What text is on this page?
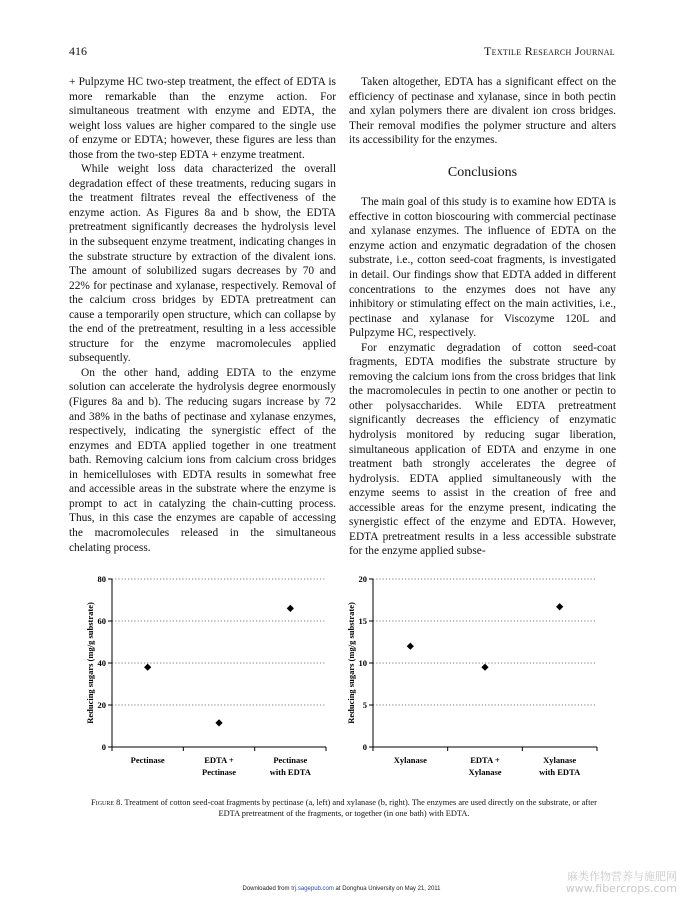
416	Textile Research Journal

+ Pulpzyme HC two-step treatment, the effect of EDTA is more remarkable than the enzyme action. For simultaneous treatment with enzyme and EDTA, the weight loss values are higher compared to the single use of enzyme or EDTA; however, these figures are less than those from the two-step EDTA + enzyme treatment.

While weight loss data characterized the overall degradation effect of these treatments, reducing sugars in the treatment filtrates reveal the effectiveness of the enzyme action. As Figures 8a and b show, the EDTA pretreatment significantly decreases the hydrolysis level in the subsequent enzyme treatment, indicating changes in the substrate structure by extraction of the divalent ions. The amount of solubilized sugars decreases by 70 and 22% for pectinase and xylanase, respectively. Removal of the calcium cross bridges by EDTA pretreatment can cause a temporarily open structure, which can collapse by the end of the pretreatment, resulting in a less accessible structure for the enzyme macromolecules applied subsequently.

On the other hand, adding EDTA to the enzyme solution can accelerate the hydrolysis degree enormously (Figures 8a and b). The reducing sugars increase by 72 and 38% in the baths of pectinase and xylanase enzymes, respectively, indicating the synergistic effect of the enzymes and EDTA applied together in one treatment bath. Removing calcium ions from calcium cross bridges in hemicelluloses with EDTA results in somewhat free and accessible areas in the substrate where the enzyme is prompt to act in catalyzing the chain-cutting process. Thus, in this case the enzymes are capable of accessing the macromolecules released in the simultaneous chelating process.

Taken altogether, EDTA has a significant effect on the efficiency of pectinase and xylanase, since in both pectin and xylan polymers there are divalent ion cross bridges. Their removal modifies the polymer structure and alters its accessibility for the enzymes.

Conclusions

The main goal of this study is to examine how EDTA is effective in cotton bioscouring with commercial pectinase and xylanase enzymes. The influence of EDTA on the enzyme action and enzymatic degradation of the chosen substrate, i.e., cotton seed-coat fragments, is investigated in detail. Our findings show that EDTA added in different concentrations to the enzymes does not have any inhibitory or stimulating effect on the main activities, i.e., pectinase and xylanase for Viscozyme 120L and Pulpzyme HC, respectively.

For enzymatic degradation of cotton seed-coat fragments, EDTA modifies the substrate structure by removing the calcium ions from the cross bridges that link the macromolecules in pectin to one another or pectin to other polysaccharides. While EDTA pretreatment significantly decreases the efficiency of enzymatic hydrolysis monitored by reducing sugar liberation, simultaneous application of EDTA and enzyme in one treatment bath strongly accelerates the degree of hydrolysis. EDTA applied simultaneously with the enzyme seems to assist in the creation of free and accessible areas for the enzyme present, indicating the synergistic effect of the enzyme and EDTA. However, EDTA pretreatment results in a less accessible substrate for the enzyme applied subse-

0
20
40
60
80
Reducing sugars (mg/g substrate)
Pectinase	EDTA +
Pectinase
Pectinase
with EDTA
0
5
10
15
20
Reducing sugars (mg/g substrate)
Xylanase	EDTA +
Xylanase
Xylanase
with EDTA
Figure 8. Treatment of cotton seed-coat fragments by pectinase (a, left) and xylanase (b, right). The enzymes are used directly on the substrate, or after EDTA pretreatment of the fragments, or together (in one bath) with EDTA.
Downloaded from trj.sagepub.com at Donghua University on May 21, 2011
麻类作物营养与施肥网
www.fibercrops.com
